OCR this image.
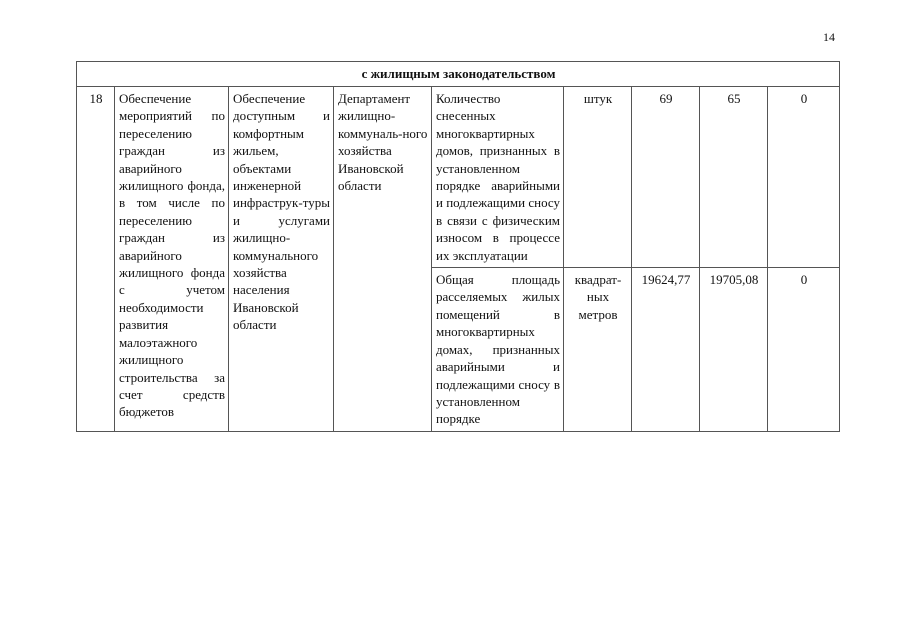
14
с жилищным законодательством								
18	Обеспечение мероприятий по переселению граждан из аварийного жилищного фонда, в том числе по переселению граждан из аварийного жилищного фонда с учетом необходимости развития малоэтажного жилищного строительства за счет средств бюджетов	Обеспечение доступным и комфортным жильем, объектами инженерной инфраструк-туры и услугами жилищно-коммунального хозяйства населения Ивановской области	Департамент жилищно-коммуналь-ного хозяйства Ивановской области	Количество снесенных многоквартирных домов, признанных в установленном порядке аварийными и подлежащими сносу в связи с физическим износом в процессе их эксплуатации	штук	69	65	0
				Общая площадь расселяемых жилых помещений в многоквартирных домах, признанных аварийными и подлежащими сносу в установленном порядке	квадрат-ных метров	19624,77	19705,08	0
